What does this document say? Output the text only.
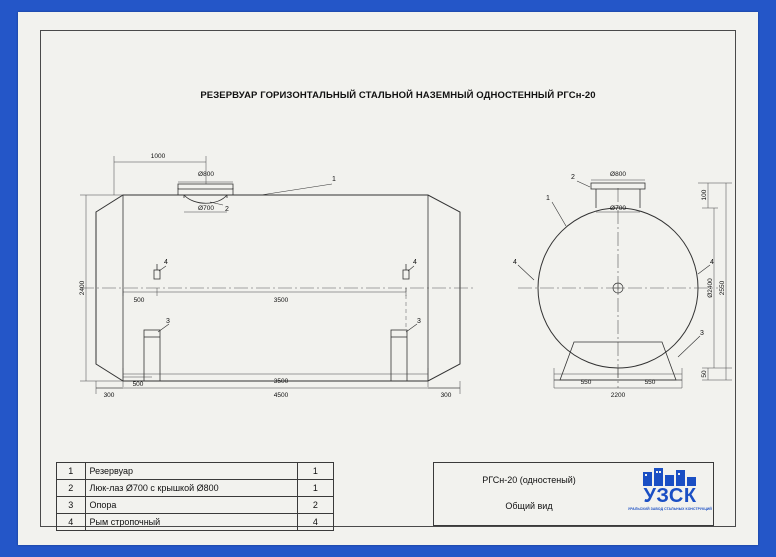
РЕЗЕРВУАР ГОРИЗОНТАЛЬНЫЙ СТАЛЬНОЙ НАЗЕМНЫЙ ОДНОСТЕННЫЙ РГСн-20
1000
Ø800
Ø700
2400
500	3500
500	3500
4500
300	300
Ø800
Ø700
100
Ø2400 2550
50
550	550
2200
1
2
3	3
4	4
1
2
3
4	4
1	Резервуар	1
2	Люк-лаз Ø700 с крышкой Ø800	1
3	Опора	2
4	Рым стропочный	4
РГСн-20 (одностеный)
Общий вид	УЗСК
УРАЛЬСКИЙ ЗАВОД СТАЛЬНЫХ КОНСТРУКЦИЙ
